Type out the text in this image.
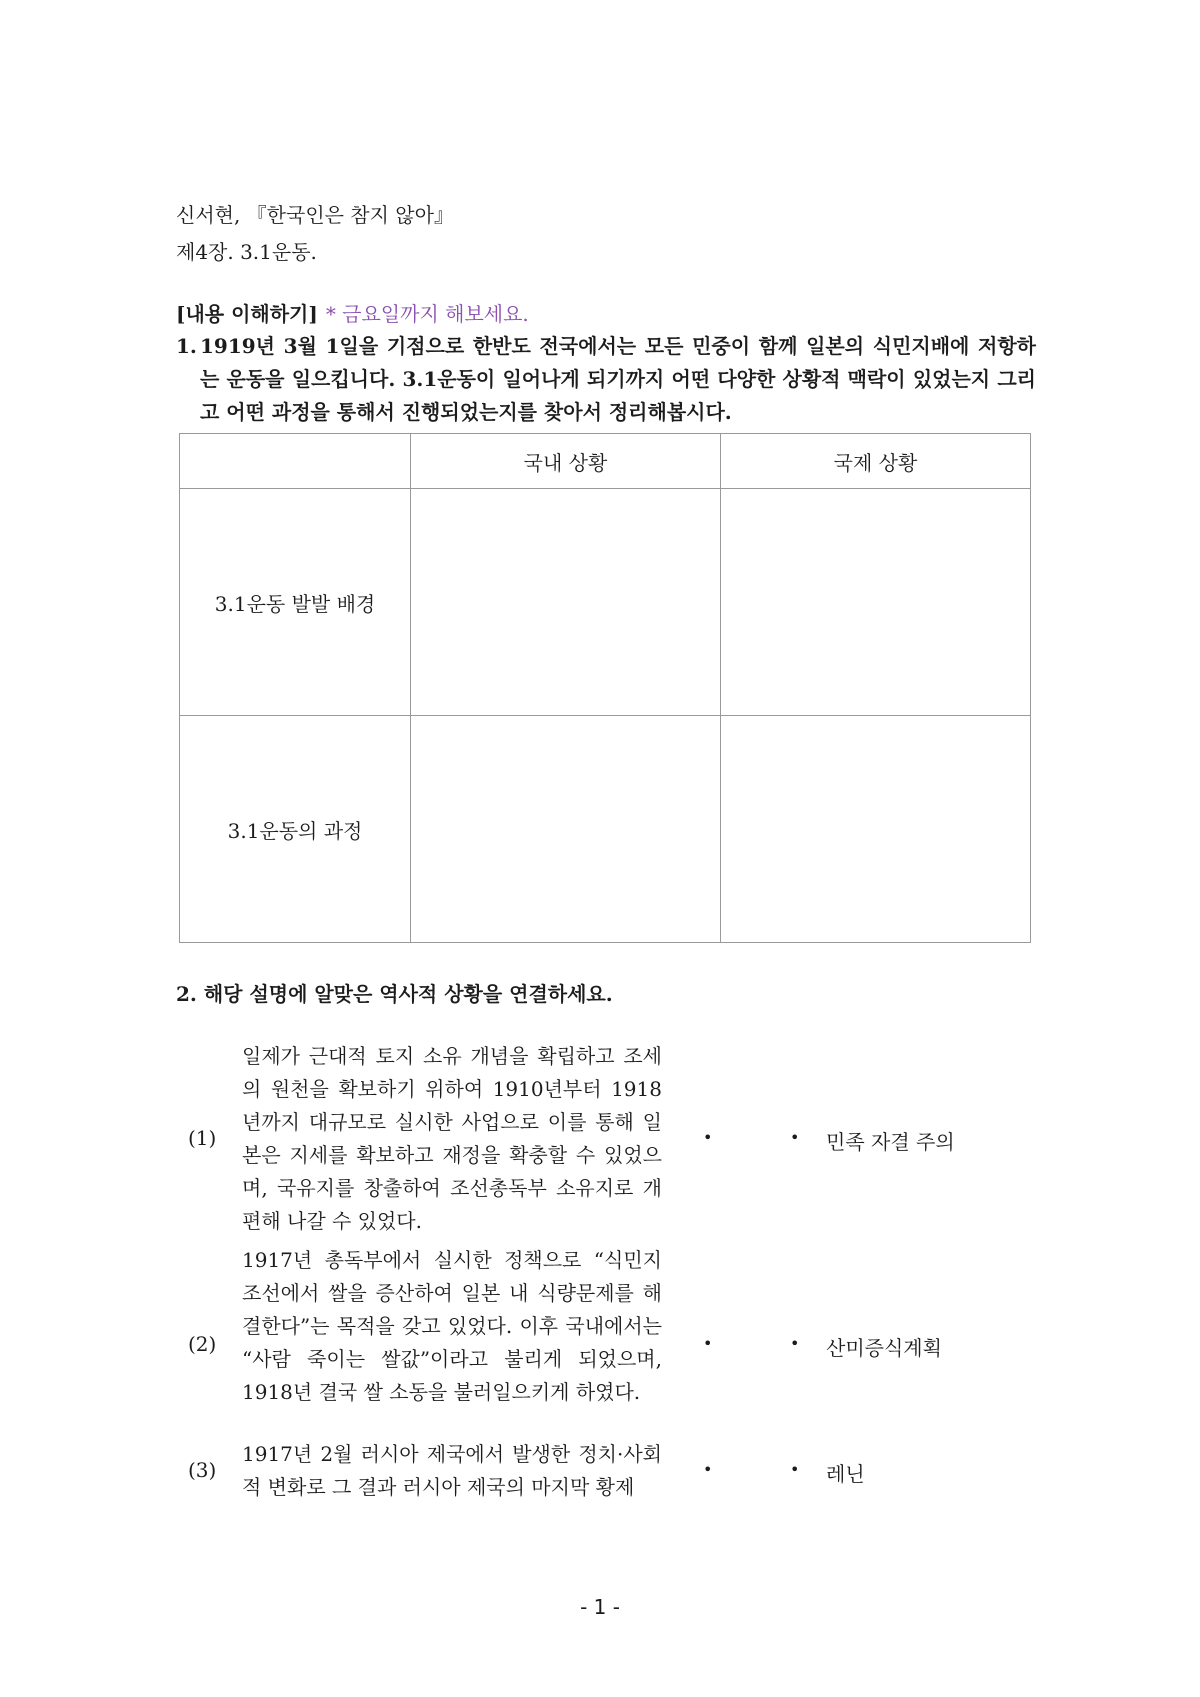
신서현, 『한국인은 참지 않아』
제4장. 3.1운동.
[내용 이해하기] * 금요일까지 해보세요.
1. 1919년 3월 1일을 기점으로 한반도 전국에서는 모든 민중이 함께 일본의 식민지배에 저항하는 운동을 일으킵니다. 3.1운동이 일어나게 되기까지 어떤 다양한 상황적 맥락이 있었는지 그리고 어떤 과정을 통해서 진행되었는지를 찾아서 정리해봅시다.
	국내 상황	국제 상황
3.1운동 발발 배경		
3.1운동의 과정		
2. 해당 설명에 알맞은 역사적 상황을 연결하세요.
(1)
일제가 근대적 토지 소유 개념을 확립하고 조세의 원천을 확보하기 위하여 1910년부터 1918년까지 대규모로 실시한 사업으로 이를 통해 일본은 지세를 확보하고 재정을 확충할 수 있었으며, 국유지를 창출하여 조선총독부 소유지로 개편해 나갈 수 있었다.
•	• 민족 자결 주의
(2)
1917년 총독부에서 실시한 정책으로 “식민지 조선에서 쌀을 증산하여 일본 내 식량문제를 해결한다”는 목적을 갖고 있었다. 이후 국내에서는 “사람 죽이는 쌀값”이라고 불리게 되었으며, 1918년 결국 쌀 소동을 불러일으키게 하였다.
•	• 산미증식계획
(3)
1917년 2월 러시아 제국에서 발생한 정치·사회적 변화로 그 결과 러시아 제국의 마지막 황제
•	• 레닌
- 1 -
